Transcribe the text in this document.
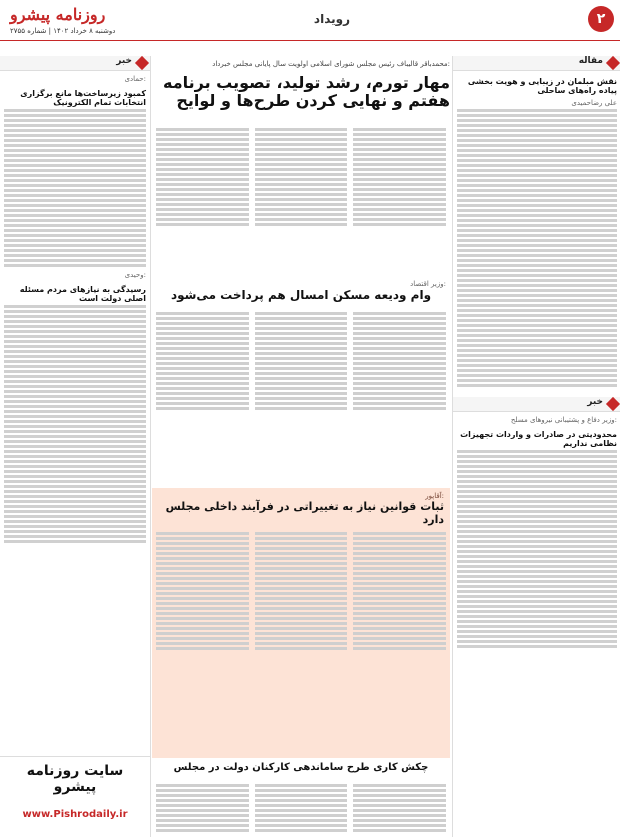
۲
رویداد
روزنامه پیشرو
دوشنبه ۸ خرداد ۱۴۰۲ | شماره ۲۷۵۵
خبر
حمادی:
کمبود زیرساخت‌ها مانع برگزاری انتخابات تمام الکترونیک
وحیدی:
رسیدگی به نیازهای مردم مسئله اصلی دولت است
سایت روزنامه پیشرو
www.Pishrodaily.ir
محمدباقر قالیباف رئیس مجلس شورای اسلامی اولویت سال پایانی مجلس خبرداد:
مهار تورم، رشد تولید، تصویب برنامه هفتم و نهایی کردن طرح‌ها و لوایح
وزیر اقتصاد:
وام ودیعه مسکن امسال هم پرداخت می‌شود
آقاپور:
ثبات قوانین نیاز به تغییراتی در فرآیند داخلی مجلس دارد
چکش کاری طرح ساماندهی کارکنان دولت در مجلس
مقاله
نقش مبلمان در زیبایی و هویت بخشی پیاده راه‌های ساحلی
علی رضاحمیدی
خبر
وزیر دفاع و پشتیبانی نیروهای مسلح:
محدودیتی در صادرات و واردات تجهیزات نظامی نداریم
